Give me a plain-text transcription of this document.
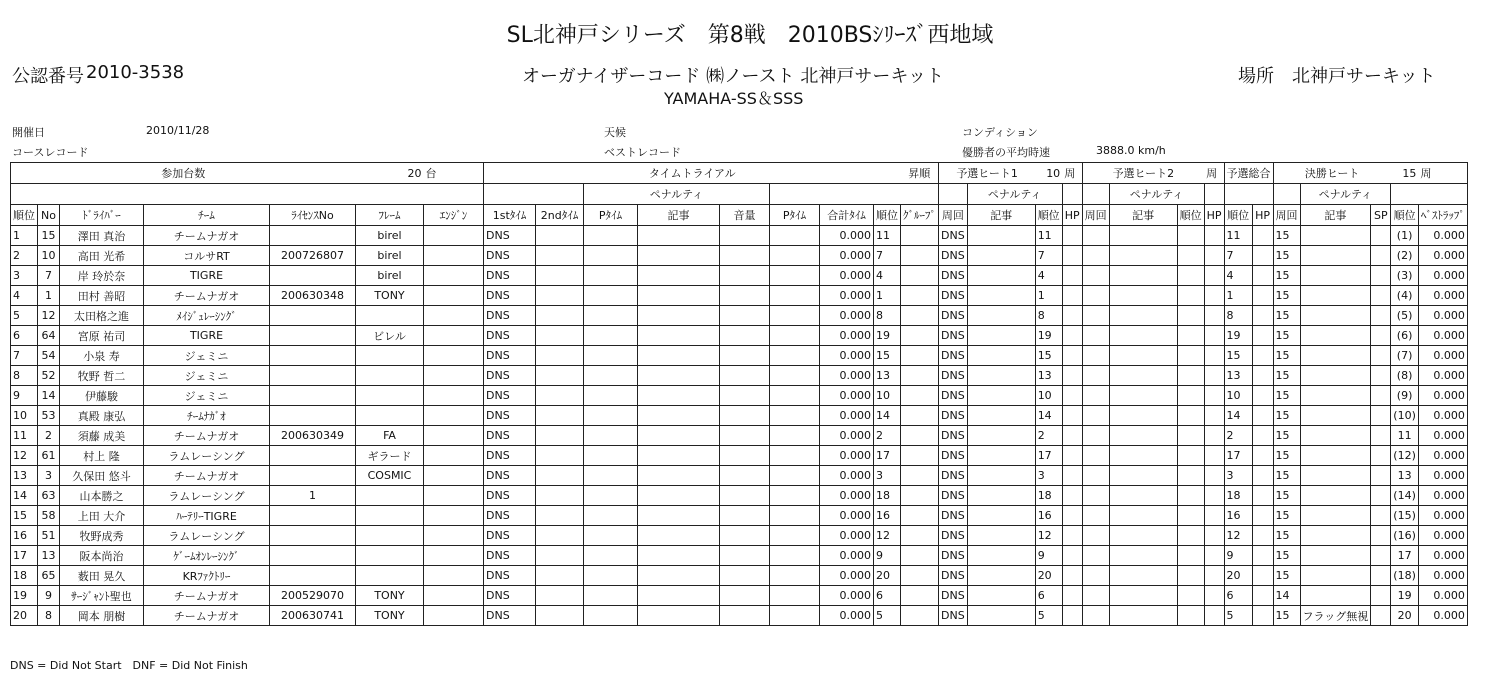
SL北神戸シリーズ　第8戦　2010BSｼﾘｰｽﾞ西地域
公認番号 2010-3538	オーガナイザーコード ㈱ノースト 北神戸サーキット
YAMAHA-SS＆SSS
場所 北神戸サーキット
開催日	2010/11/28
コースレコード
天候
ベストレコード
コンディション
優勝者の平均時速	3888.0 km/h
参加台数					20	台	タイムトライアル								昇順	予選ヒート1		10	周	予選ヒート2			周	予選総合		決勝ヒート			15	周
									ペナルティ								ペナルティ				ペナルティ						ペナルティ			
順位	No	ﾄﾞﾗｲﾊﾞｰ	ﾁｰﾑ	ﾗｲｾﾝｽNo	ﾌﾚｰﾑ	ｴﾝｼﾞﾝ	1stﾀｲﾑ	2ndﾀｲﾑ	Pﾀｲﾑ	記事	音量	Pﾀｲﾑ	合計ﾀｲﾑ	順位	ｸﾞﾙｰﾌﾟ	周回	記事	順位	HP	周回	記事	順位	HP	順位	HP	周回	記事	SP	順位	ﾍﾞｽﾄﾗｯﾌﾟ
1	15	澤田 真治	チームナガオ		birel		DNS						0.000	11		DNS		11						11		15			(1)	0.000
2	10	高田 光希	コルサRT	200726807	birel		DNS						0.000	7		DNS		7						7		15			(2)	0.000
3	7	岸 玲於奈	TIGRE		birel		DNS						0.000	4		DNS		4						4		15			(3)	0.000
4	1	田村 善昭	チームナガオ	200630348	TONY		DNS						0.000	1		DNS		1						1		15			(4)	0.000
5	12	太田格之進	ﾒｲｼﾞｭﾚｰｼﾝｸﾞ				DNS						0.000	8		DNS		8						8		15			(5)	0.000
6	64	宮原 祐司	TIGRE		ビレル		DNS						0.000	19		DNS		19						19		15			(6)	0.000
7	54	小泉 寿	ジェミニ				DNS						0.000	15		DNS		15						15		15			(7)	0.000
8	52	牧野 哲二	ジェミニ				DNS						0.000	13		DNS		13						13		15			(8)	0.000
9	14	伊藤駿	ジェミニ				DNS						0.000	10		DNS		10						10		15			(9)	0.000
10	53	真殿 康弘	ﾁｰﾑﾅｶﾞｵ				DNS						0.000	14		DNS		14						14		15			(10)	0.000
11	2	須藤 成美	チームナガオ	200630349	FA		DNS						0.000	2		DNS		2						2		15			11	0.000
12	61	村上 隆	ラムレーシング		ギラード		DNS						0.000	17		DNS		17						17		15			(12)	0.000
13	3	久保田 悠斗	チームナガオ		COSMIC		DNS						0.000	3		DNS		3						3		15			13	0.000
14	63	山本勝之	ラムレーシング	1			DNS						0.000	18		DNS		18						18		15			(14)	0.000
15	58	上田 大介	ﾊｰﾃﾘｰTIGRE				DNS						0.000	16		DNS		16						16		15			(15)	0.000
16	51	牧野成秀	ラムレーシング				DNS						0.000	12		DNS		12						12		15			(16)	0.000
17	13	阪本尚治	ｹﾞｰﾑｵﾝﾚｰｼﾝｸﾞ				DNS						0.000	9		DNS		9						9		15			17	0.000
18	65	薮田 晃久	KRﾌｧｸﾄﾘｰ				DNS						0.000	20		DNS		20						20		15			(18)	0.000
19	9	ｻｰｼﾞｬﾝﾄ聖也	チームナガオ	200529070	TONY		DNS						0.000	6		DNS		6						6		14			19	0.000
20	8	岡本 朋樹	チームナガオ	200630741	TONY		DNS						0.000	5		DNS		5						5		15	フラッグ無視		20	0.000
DNS = Did Not Start　DNF = Did Not Finish
